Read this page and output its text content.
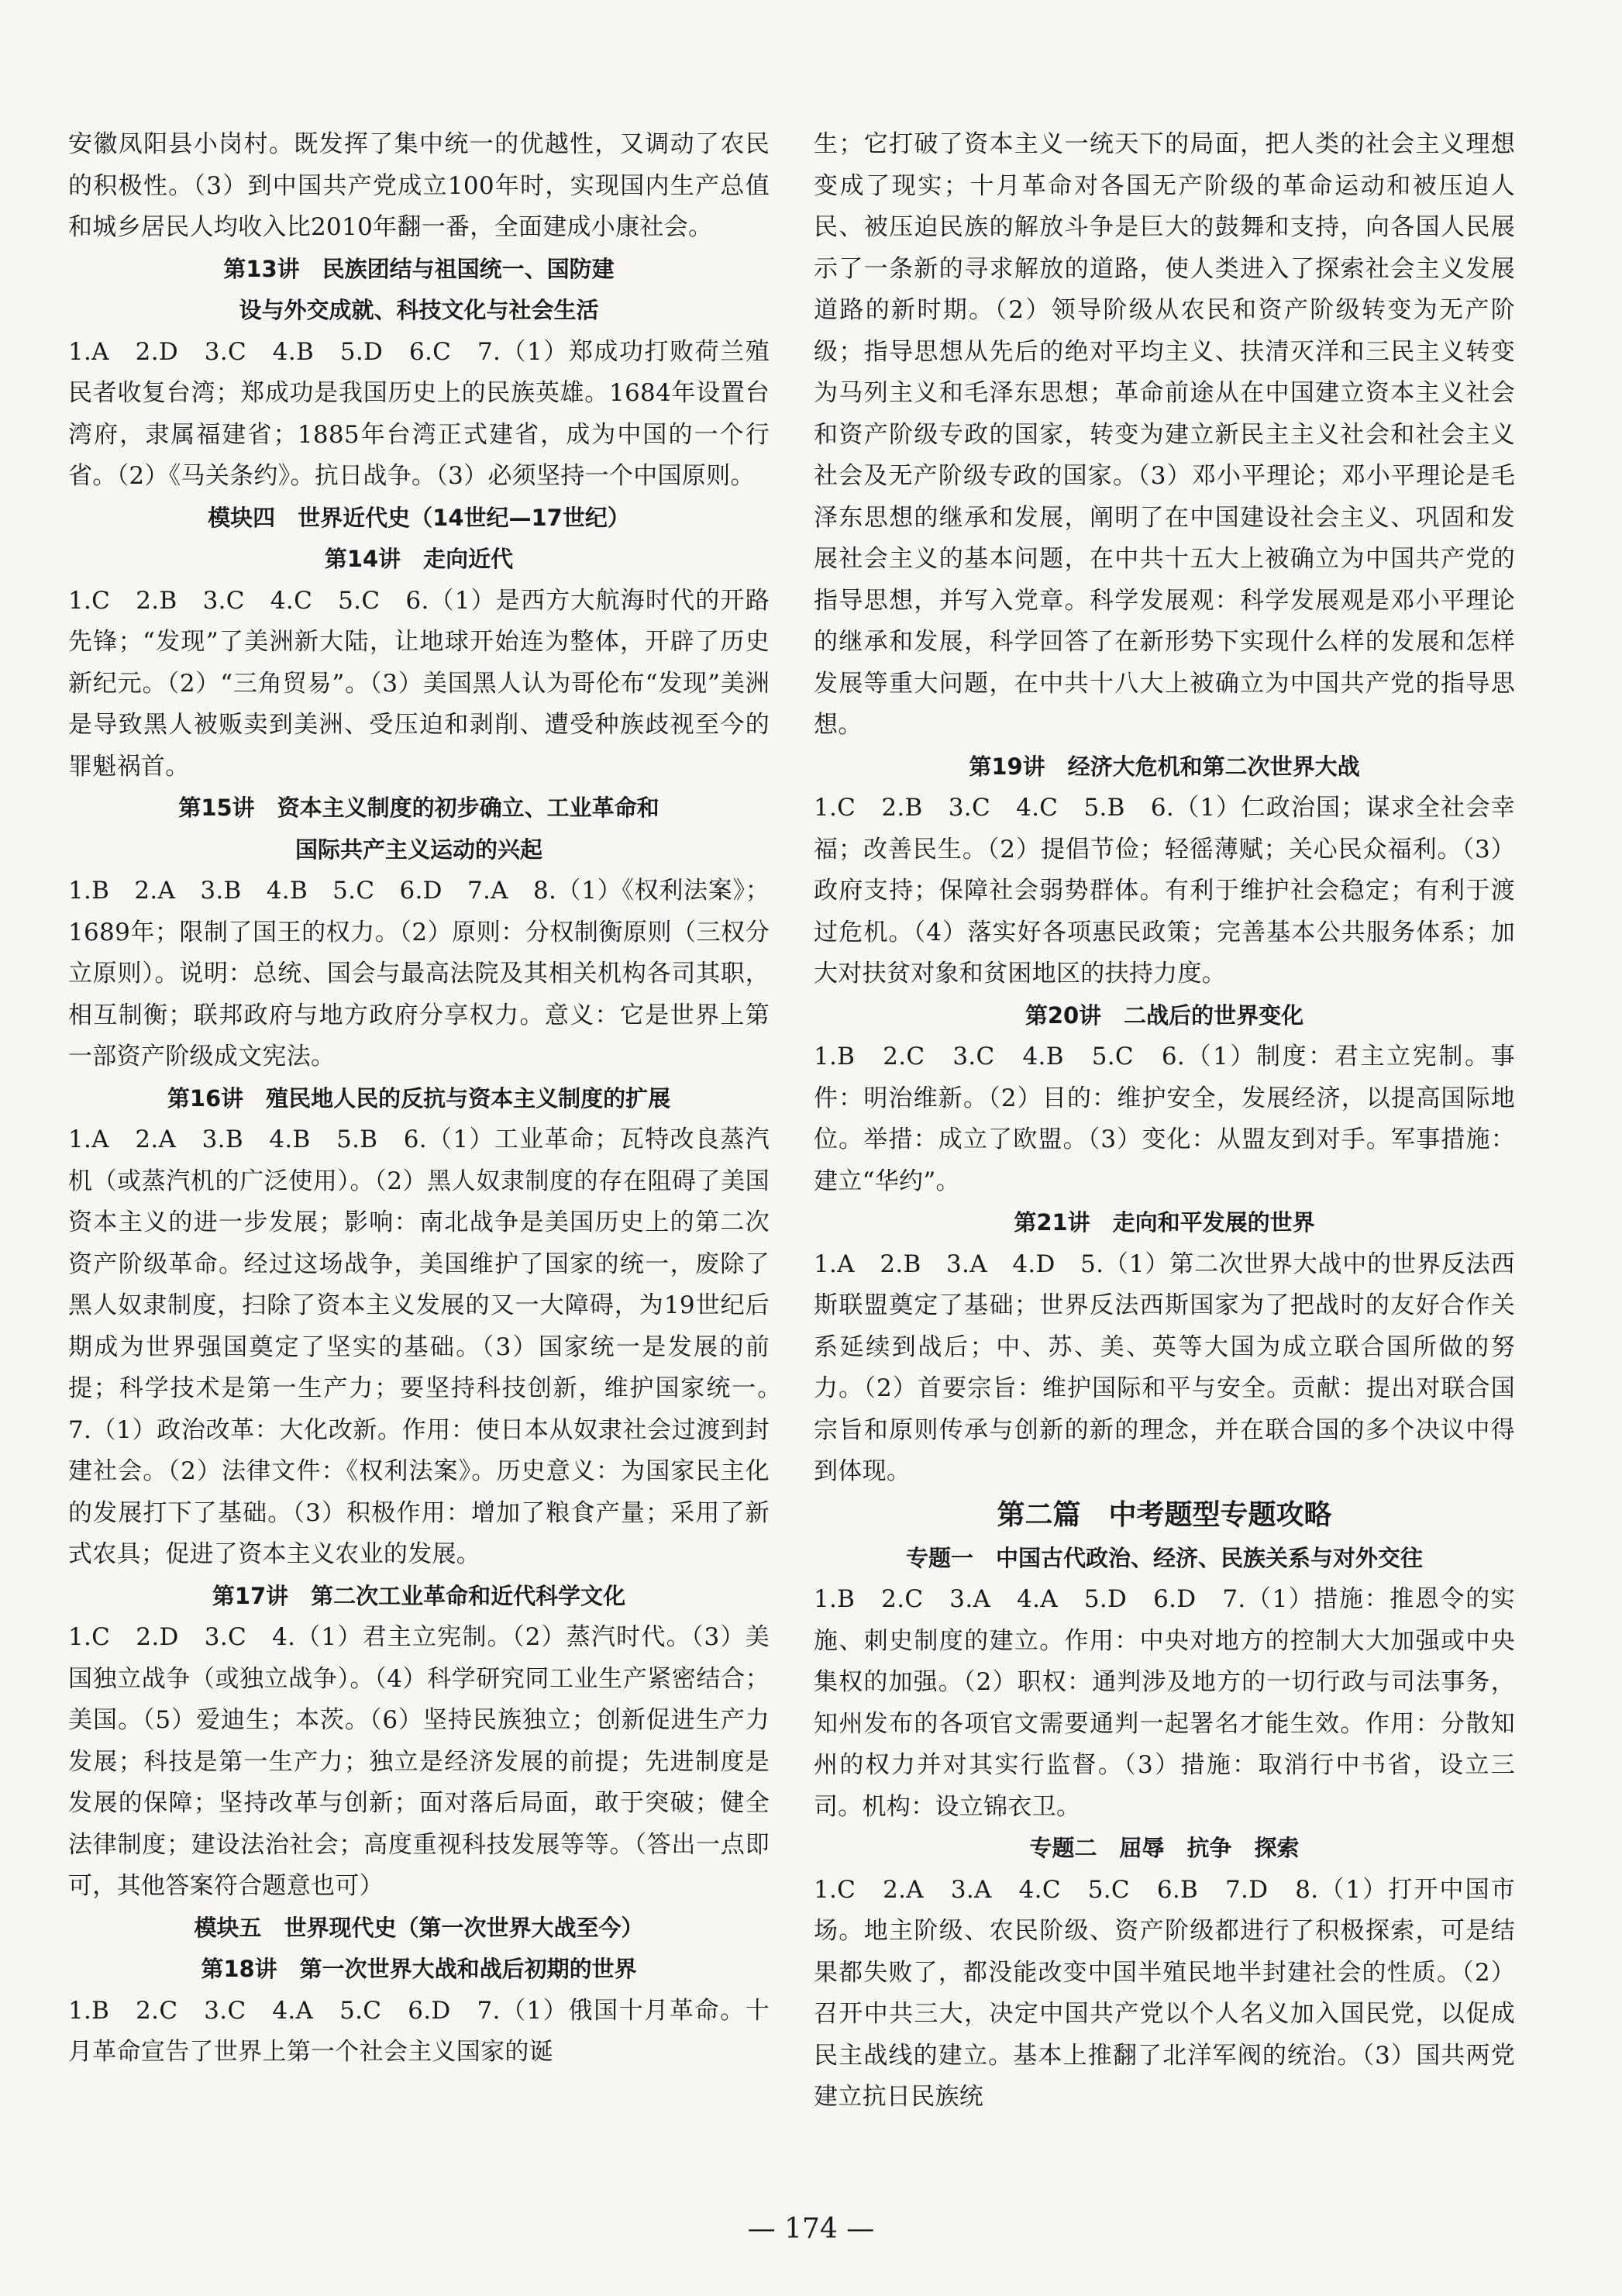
安徽凤阳县小岗村。既发挥了集中统一的优越性，又调动了农民的积极性。（3）到中国共产党成立100年时，实现国内生产总值和城乡居民人均收入比2010年翻一番，全面建成小康社会。

第13讲　民族团结与祖国统一、国防建

设与外交成就、科技文化与社会生活

1.A　2.D　3.C　4.B　5.D　6.C　7.（1）郑成功打败荷兰殖民者收复台湾；郑成功是我国历史上的民族英雄。1684年设置台湾府，隶属福建省；1885年台湾正式建省，成为中国的一个行省。（2）《马关条约》。抗日战争。（3）必须坚持一个中国原则。

模块四　世界近代史（14世纪—17世纪）

第14讲　走向近代

1.C　2.B　3.C　4.C　5.C　6.（1）是西方大航海时代的开路先锋；“发现”了美洲新大陆，让地球开始连为整体，开辟了历史新纪元。（2）“三角贸易”。（3）美国黑人认为哥伦布“发现”美洲是导致黑人被贩卖到美洲、受压迫和剥削、遭受种族歧视至今的罪魁祸首。

第15讲　资本主义制度的初步确立、工业革命和

国际共产主义运动的兴起

1.B　2.A　3.B　4.B　5.C　6.D　7.A　8.（1）《权利法案》；1689年；限制了国王的权力。（2）原则：分权制衡原则（三权分立原则）。说明：总统、国会与最高法院及其相关机构各司其职，相互制衡；联邦政府与地方政府分享权力。意义：它是世界上第一部资产阶级成文宪法。

第16讲　殖民地人民的反抗与资本主义制度的扩展

1.A　2.A　3.B　4.B　5.B　6.（1）工业革命；瓦特改良蒸汽机（或蒸汽机的广泛使用）。（2）黑人奴隶制度的存在阻碍了美国资本主义的进一步发展；影响：南北战争是美国历史上的第二次资产阶级革命。经过这场战争，美国维护了国家的统一，废除了黑人奴隶制度，扫除了资本主义发展的又一大障碍，为19世纪后期成为世界强国奠定了坚实的基础。（3）国家统一是发展的前提；科学技术是第一生产力；要坚持科技创新，维护国家统一。　7.（1）政治改革：大化改新。作用：使日本从奴隶社会过渡到封建社会。（2）法律文件：《权利法案》。历史意义：为国家民主化的发展打下了基础。（3）积极作用：增加了粮食产量；采用了新式农具；促进了资本主义农业的发展。

第17讲　第二次工业革命和近代科学文化

1.C　2.D　3.C　4.（1）君主立宪制。（2）蒸汽时代。（3）美国独立战争（或独立战争）。（4）科学研究同工业生产紧密结合；美国。（5）爱迪生；本茨。（6）坚持民族独立；创新促进生产力发展；科技是第一生产力；独立是经济发展的前提；先进制度是发展的保障；坚持改革与创新；面对落后局面，敢于突破；健全法律制度；建设法治社会；高度重视科技发展等等。（答出一点即可，其他答案符合题意也可）

模块五　世界现代史（第一次世界大战至今）

第18讲　第一次世界大战和战后初期的世界

1.B　2.C　3.C　4.A　5.C　6.D　7.（1）俄国十月革命。十月革命宣告了世界上第一个社会主义国家的诞

生；它打破了资本主义一统天下的局面，把人类的社会主义理想变成了现实；十月革命对各国无产阶级的革命运动和被压迫人民、被压迫民族的解放斗争是巨大的鼓舞和支持，向各国人民展示了一条新的寻求解放的道路，使人类进入了探索社会主义发展道路的新时期。（2）领导阶级从农民和资产阶级转变为无产阶级；指导思想从先后的绝对平均主义、扶清灭洋和三民主义转变为马列主义和毛泽东思想；革命前途从在中国建立资本主义社会和资产阶级专政的国家，转变为建立新民主主义社会和社会主义社会及无产阶级专政的国家。（3）邓小平理论；邓小平理论是毛泽东思想的继承和发展，阐明了在中国建设社会主义、巩固和发展社会主义的基本问题，在中共十五大上被确立为中国共产党的指导思想，并写入党章。科学发展观：科学发展观是邓小平理论的继承和发展，科学回答了在新形势下实现什么样的发展和怎样发展等重大问题，在中共十八大上被确立为中国共产党的指导思想。

第19讲　经济大危机和第二次世界大战

1.C　2.B　3.C　4.C　5.B　6.（1）仁政治国；谋求全社会幸福；改善民生。（2）提倡节俭；轻徭薄赋；关心民众福利。（3）政府支持；保障社会弱势群体。有利于维护社会稳定；有利于渡过危机。（4）落实好各项惠民政策；完善基本公共服务体系；加大对扶贫对象和贫困地区的扶持力度。

第20讲　二战后的世界变化

1.B　2.C　3.C　4.B　5.C　6.（1）制度：君主立宪制。事件：明治维新。（2）目的：维护安全，发展经济，以提高国际地位。举措：成立了欧盟。（3）变化：从盟友到对手。军事措施：建立“华约”。

第21讲　走向和平发展的世界

1.A　2.B　3.A　4.D　5.（1）第二次世界大战中的世界反法西斯联盟奠定了基础；世界反法西斯国家为了把战时的友好合作关系延续到战后；中、苏、美、英等大国为成立联合国所做的努力。（2）首要宗旨：维护国际和平与安全。贡献：提出对联合国宗旨和原则传承与创新的新的理念，并在联合国的多个决议中得到体现。

第二篇　中考题型专题攻略

专题一　中国古代政治、经济、民族关系与对外交往

1.B　2.C　3.A　4.A　5.D　6.D　7.（1）措施：推恩令的实施、刺史制度的建立。作用：中央对地方的控制大大加强或中央集权的加强。（2）职权：通判涉及地方的一切行政与司法事务，知州发布的各项官文需要通判一起署名才能生效。作用：分散知州的权力并对其实行监督。（3）措施：取消行中书省，设立三司。机构：设立锦衣卫。

专题二　屈辱　抗争　探索

1.C　2.A　3.A　4.C　5.C　6.B　7.D　8.（1）打开中国市场。地主阶级、农民阶级、资产阶级都进行了积极探索，可是结果都失败了，都没能改变中国半殖民地半封建社会的性质。（2）召开中共三大，决定中国共产党以个人名义加入国民党，以促成民主战线的建立。基本上推翻了北洋军阀的统治。（3）国共两党建立抗日民族统

— 174 —
